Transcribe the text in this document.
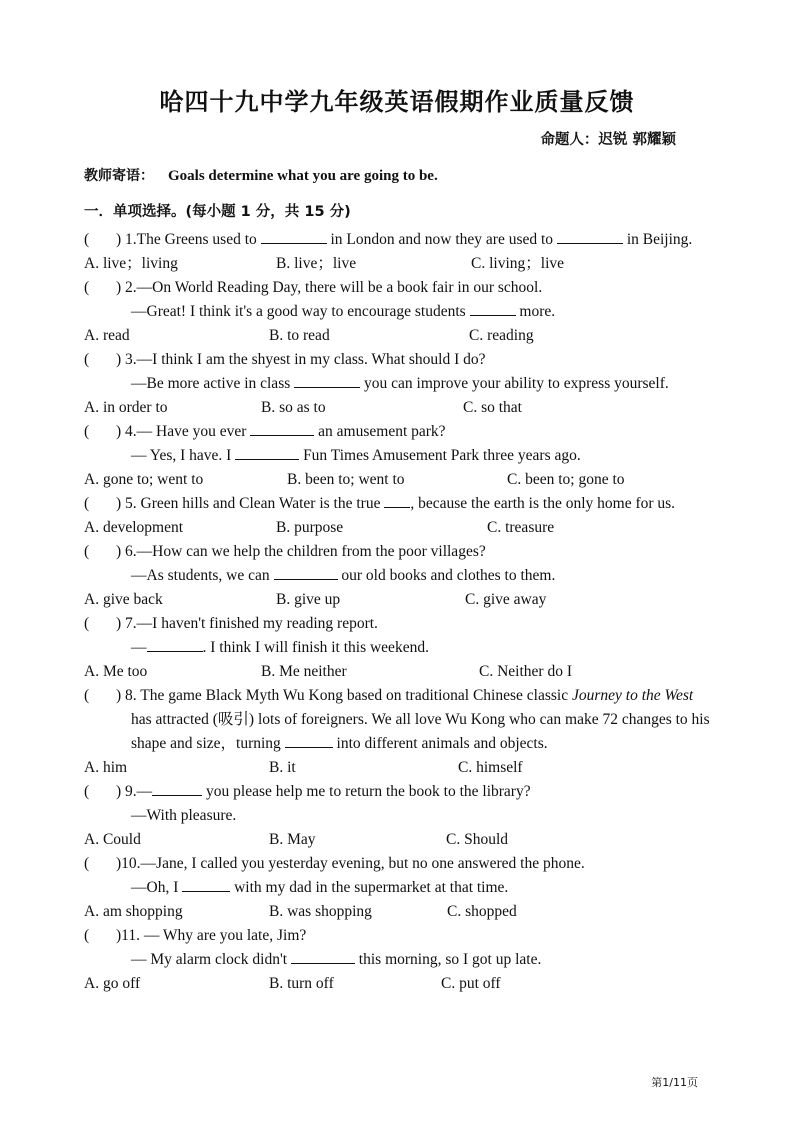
哈四十九中学九年级英语假期作业质量反馈
命题人：迟锐 郭耀颖
教师寄语： Goals determine what you are going to be.
一．单项选择。(每小题 1 分，共 15 分)
( ) 1.The Greens used to	in London and now they are used to	in Beijing.
A. live；living	B. live；live	C. living；live
( ) 2.—On World Reading Day, there will be a book fair in our school.
—Great! I think it's a good way to encourage students	more.
A. read	B. to read	C. reading
( ) 3.—I think I am the shyest in my class. What should I do?
—Be more active in class	you can improve your ability to express yourself.
A. in order to	B. so as to	C. so that
( ) 4.— Have you ever	an amusement park?
— Yes, I have. I	Fun Times Amusement Park three years ago.
A. gone to; went to	B. been to; went to	C. been to; gone to
( ) 5. Green hills and Clean Water is the true , because the earth is the only home for us.
A. development	B. purpose	C. treasure
( ) 6.—How can we help the children from the poor villages?
—As students, we can	our old books and clothes to them.
A. give back	B. give up	C. give away
( ) 7.—I haven't finished my reading report.
—	. I think I will finish it this weekend.
A. Me too	B. Me neither	C. Neither do I
( ) 8. The game Black Myth Wu Kong based on traditional Chinese classic Journey to the West
has attracted (吸引) lots of foreigners. We all love Wu Kong who can make 72 changes to his
shape and size，turning	into different animals and objects.
A. him	B. it	C. himself
( ) 9.—	you please help me to return the book to the library?
—With pleasure.
A. Could	B. May	C. Should
( )10.—Jane, I called you yesterday evening, but no one answered the phone.
—Oh, I	with my dad in the supermarket at that time.
A. am shopping	B. was shopping	C. shopped
( )11. — Why are you late, Jim?
— My alarm clock didn't	this morning, so I got up late.
A. go off	B. turn off	C. put off
第1/11页
